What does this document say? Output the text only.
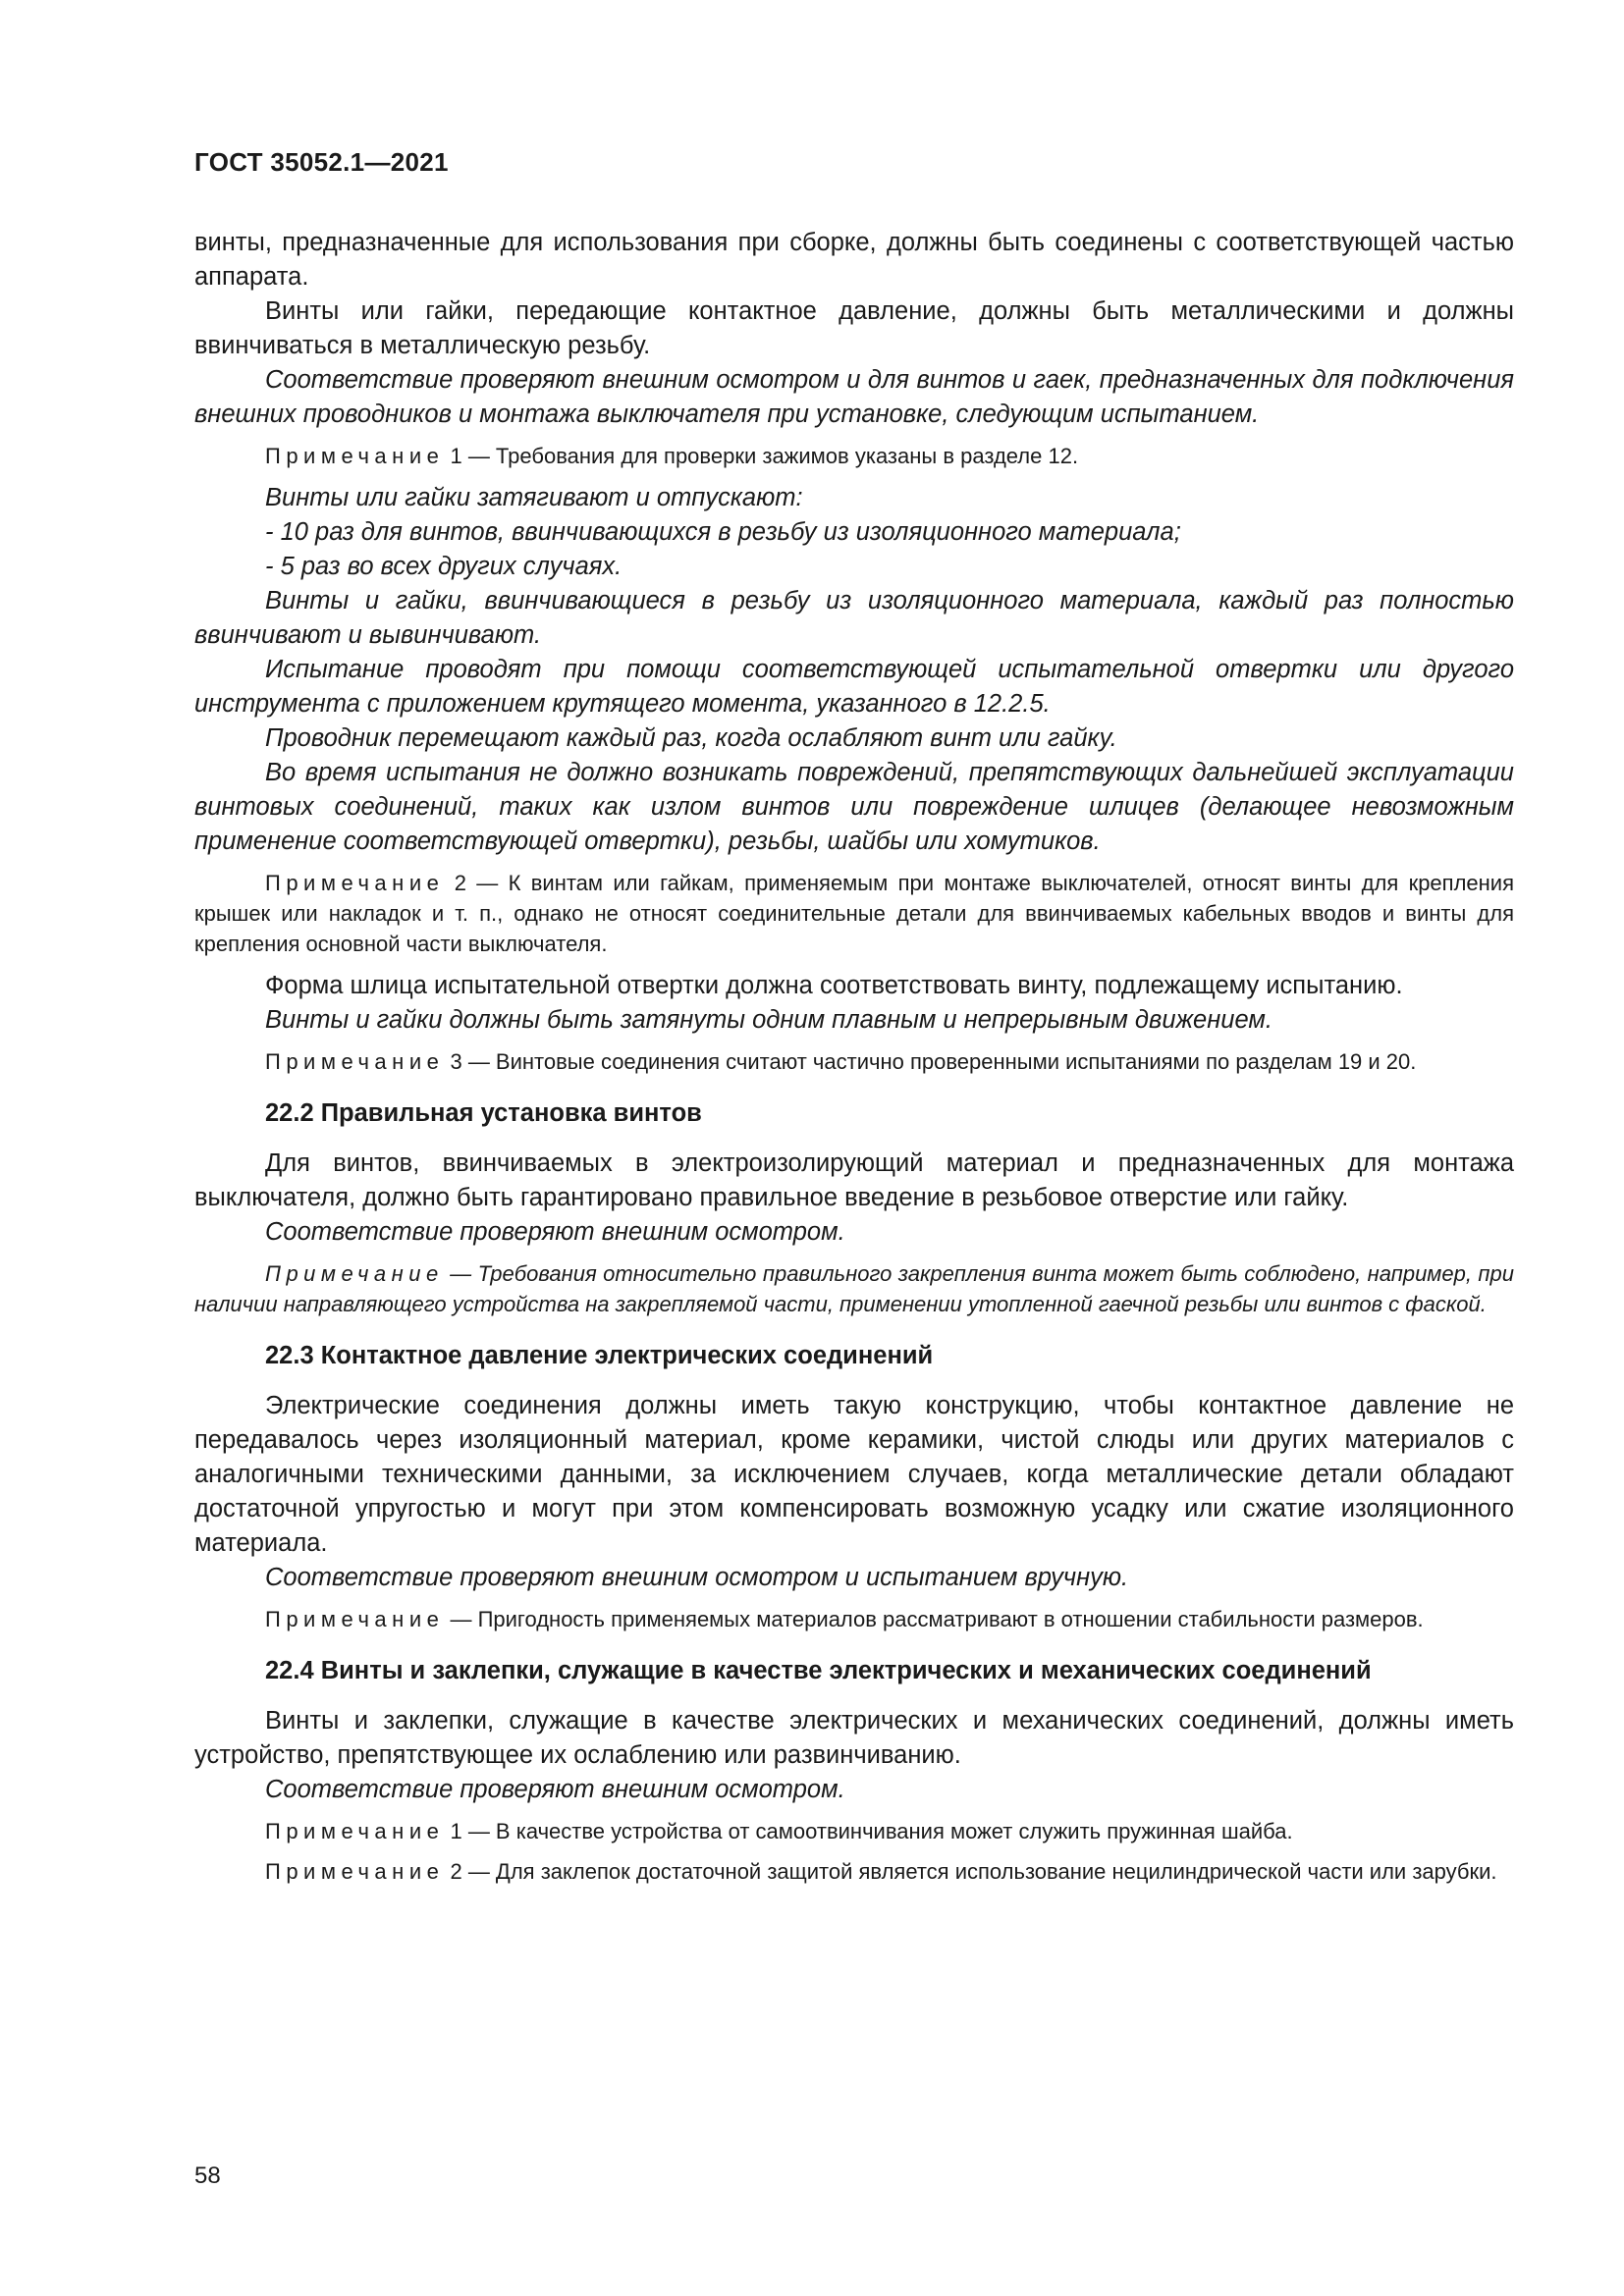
ГОСТ 35052.1—2021

винты, предназначенные для использования при сборке, должны быть соединены с соответствующей частью аппарата.

Винты или гайки, передающие контактное давление, должны быть металлическими и должны ввинчиваться в металлическую резьбу.

Соответствие проверяют внешним осмотром и для винтов и гаек, предназначенных для подключения внешних проводников и монтажа выключателя при установке, следующим испытанием.

Примечание 1 — Требования для проверки зажимов указаны в разделе 12.

Винты или гайки затягивают и отпускают:

- 10 раз для винтов, ввинчивающихся в резьбу из изоляционного материала;

- 5 раз во всех других случаях.

Винты и гайки, ввинчивающиеся в резьбу из изоляционного материала, каждый раз полностью ввинчивают и вывинчивают.

Испытание проводят при помощи соответствующей испытательной отвертки или другого инструмента с приложением крутящего момента, указанного в 12.2.5.

Проводник перемещают каждый раз, когда ослабляют винт или гайку.

Во время испытания не должно возникать повреждений, препятствующих дальнейшей эксплуатации винтовых соединений, таких как излом винтов или повреждение шлицев (делающее невозможным применение соответствующей отвертки), резьбы, шайбы или хомутиков.

Примечание 2 — К винтам или гайкам, применяемым при монтаже выключателей, относят винты для крепления крышек или накладок и т. п., однако не относят соединительные детали для ввинчиваемых кабельных вводов и винты для крепления основной части выключателя.

Форма шлица испытательной отвертки должна соответствовать винту, подлежащему испытанию.

Винты и гайки должны быть затянуты одним плавным и непрерывным движением.

Примечание 3 — Винтовые соединения считают частично проверенными испытаниями по разделам 19 и 20.

22.2 Правильная установка винтов

Для винтов, ввинчиваемых в электроизолирующий материал и предназначенных для монтажа выключателя, должно быть гарантировано правильное введение в резьбовое отверстие или гайку.

Соответствие проверяют внешним осмотром.

Примечание — Требования относительно правильного закрепления винта может быть соблюдено, например, при наличии направляющего устройства на закрепляемой части, применении утопленной гаечной резьбы или винтов с фаской.

22.3 Контактное давление электрических соединений

Электрические соединения должны иметь такую конструкцию, чтобы контактное давление не передавалось через изоляционный материал, кроме керамики, чистой слюды или других материалов с аналогичными техническими данными, за исключением случаев, когда металлические детали обладают достаточной упругостью и могут при этом компенсировать возможную усадку или сжатие изоляционного материала.

Соответствие проверяют внешним осмотром и испытанием вручную.

Примечание — Пригодность применяемых материалов рассматривают в отношении стабильности размеров.

22.4 Винты и заклепки, служащие в качестве электрических и механических соединений

Винты и заклепки, служащие в качестве электрических и механических соединений, должны иметь устройство, препятствующее их ослаблению или развинчиванию.

Соответствие проверяют внешним осмотром.

Примечание 1 — В качестве устройства от самоотвинчивания может служить пружинная шайба.

Примечание 2 — Для заклепок достаточной защитой является использование нецилиндрической части или зарубки.

58
